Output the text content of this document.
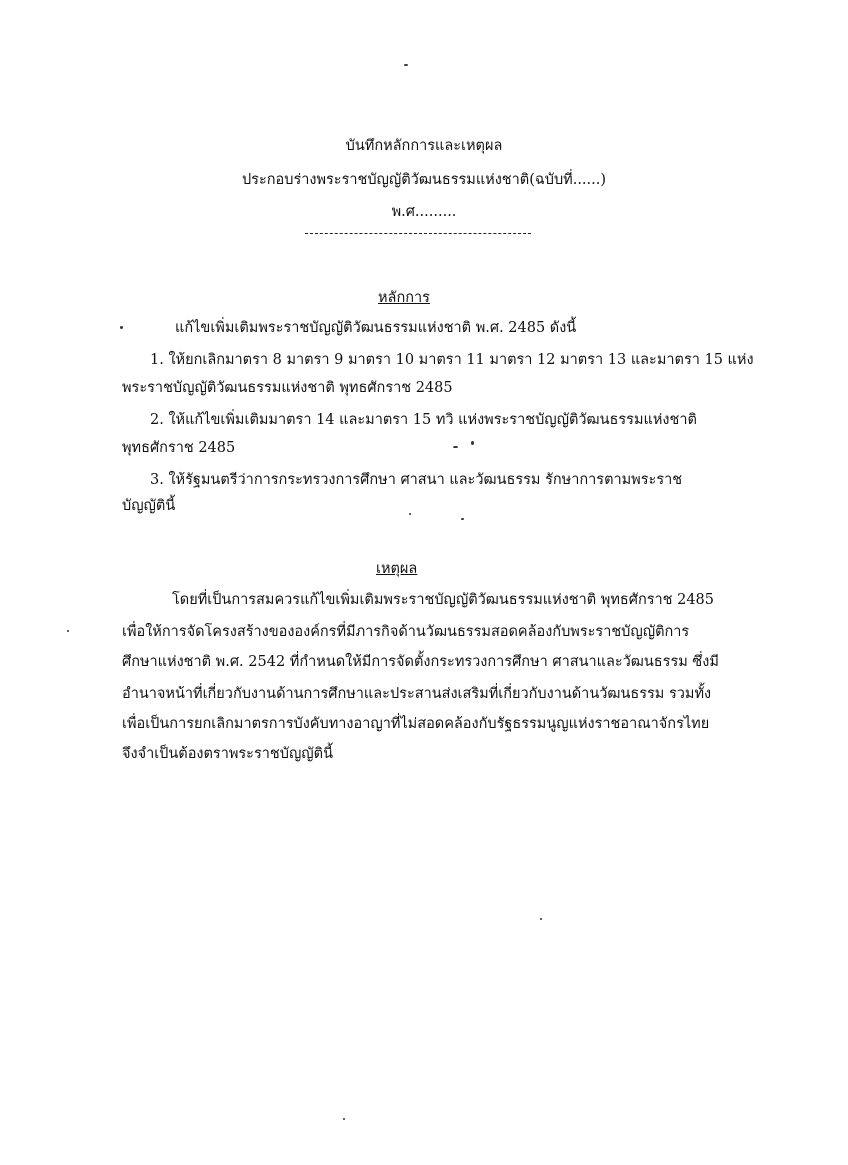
บันทึกหลักการและเหตุผล
ประกอบร่างพระราชบัญญัติวัฒนธรรมแห่งชาติ(ฉบับที่......)
พ.ศ.........
หลักการ
แก้ไขเพิ่มเติมพระราชบัญญัติวัฒนธรรมแห่งชาติ พ.ศ. 2485 ดังนี้
1. ให้ยกเลิกมาตรา 8 มาตรา 9 มาตรา 10 มาตรา 11 มาตรา 12 มาตรา 13 และมาตรา 15 แห่ง
พระราชบัญญัติวัฒนธรรมแห่งชาติ พุทธศักราช 2485
2. ให้แก้ไขเพิ่มเติมมาตรา 14 และมาตรา 15 ทวิ แห่งพระราชบัญญัติวัฒนธรรมแห่งชาติ
พุทธศักราช 2485
3. ให้รัฐมนตรีว่าการกระทรวงการศึกษา ศาสนา และวัฒนธรรม รักษาการตามพระราช
บัญญัตินี้
เหตุผล
โดยที่เป็นการสมควรแก้ไขเพิ่มเติมพระราชบัญญัติวัฒนธรรมแห่งชาติ พุทธศักราช 2485
เพื่อให้การจัดโครงสร้างขององค์กรที่มีภารกิจด้านวัฒนธรรมสอดคล้องกับพระราชบัญญัติการ
ศึกษาแห่งชาติ พ.ศ. 2542 ที่กำหนดให้มีการจัดตั้งกระทรวงการศึกษา ศาสนาและวัฒนธรรม ซึ่งมี
อำนาจหน้าที่เกี่ยวกับงานด้านการศึกษาและประสานส่งเสริมที่เกี่ยวกับงานด้านวัฒนธรรม รวมทั้ง
เพื่อเป็นการยกเลิกมาตรการบังคับทางอาญาที่ไม่สอดคล้องกับรัฐธรรมนูญแห่งราชอาณาจักรไทย
จึงจำเป็นต้องตราพระราชบัญญัตินี้
